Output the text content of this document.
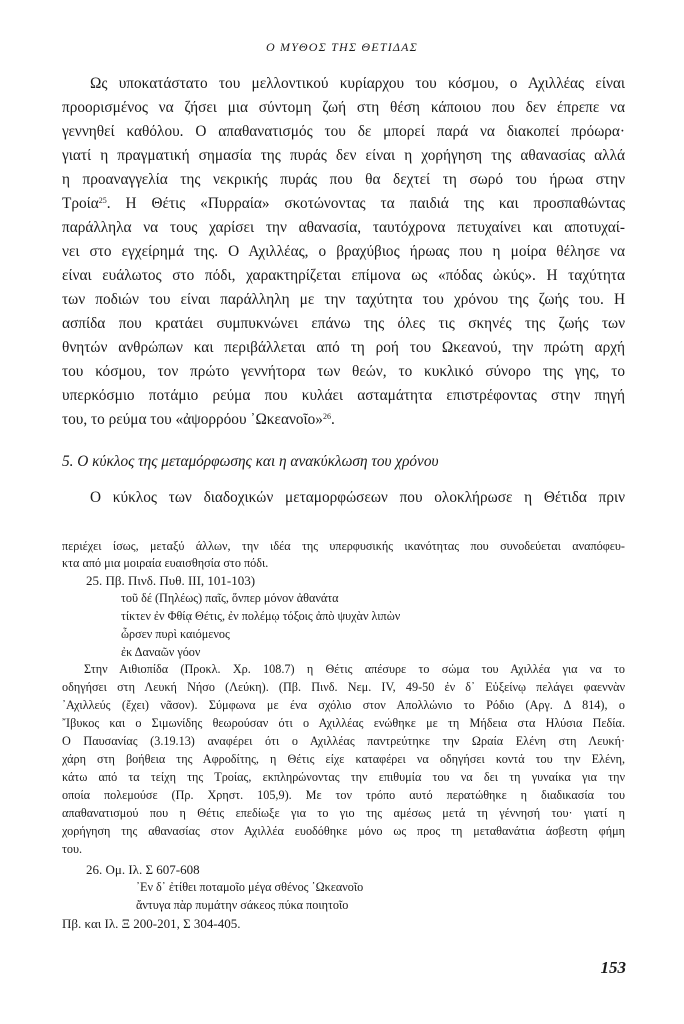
Ο ΜΥΘΟΣ ΤΗΣ ΘΕΤΙΔΑΣ
Ως υποκατάστατο του μελλοντικού κυρίαρχου του κόσμου, ο Αχιλλέας είναι
προορισμένος να ζήσει μια σύντομη ζωή στη θέση κάποιου που δεν έπρεπε να
γεννηθεί καθόλου. Ο απαθανατισμός του δε μπορεί παρά να διακοπεί πρόωρα·
γιατί η πραγματική σημασία της πυράς δεν είναι η χορήγηση της αθανασίας αλλά
η προαναγγελία της νεκρικής πυράς που θα δεχτεί τη σωρό του ήρωα στην
Τροία$^{25}$. Η Θέτις «Πυρραία» σκοτώνοντας τα παιδιά της και προσπαθώντας
παράλληλα να τους χαρίσει την αθανασία, ταυτόχρονα πετυχαίνει και αποτυχαί-
νει στο εγχείρημά της. Ο Αχιλλέας, ο βραχύβιος ήρωας που η μοίρα θέλησε να
είναι ευάλωτος στο πόδι, χαρακτηρίζεται επίμονα ως «πόδας ὠκύς». Η ταχύτητα
των ποδιών του είναι παράλληλη με την ταχύτητα του χρόνου της ζωής του. Η
ασπίδα που κρατάει συμπυκνώνει επάνω της όλες τις σκηνές της ζωής των
θνητών ανθρώπων και περιβάλλεται από τη ροή του Ωκεανού, την πρώτη αρχή
του κόσμου, τον πρώτο γεννήτορα των θεών, το κυκλικό σύνορο της γης, το
υπερκόσμιο ποτάμιο ρεύμα που κυλάει ασταμάτητα επιστρέφοντας στην πηγή
του, το ρεύμα του «ἀψορρόου ᾿Ωκεανοῖο»$^{26}$.
5. Ο κύκλος της μεταμόρφωσης και η ανακύκλωση του χρόνου
Ο κύκλος των διαδοχικών μεταμορφώσεων που ολοκλήρωσε η Θέτιδα πριν
περιέχει ίσως, μεταξύ άλλων, την ιδέα της υπερφυσικής ικανότητας που συνοδεύεται αναπόφευ-
κτα από μια μοιραία ευαισθησία στο πόδι.
25. Πβ. Πινδ. Πυθ. III, 101-103)
τοῦ δέ (Πηλέως) παῖς, ὅνπερ μόνον ἀθανάτα
τίκτεν ἐν Φθίᾳ Θέτις, ἐν πολέμῳ τόξοις ἀπὸ ψυχὰν λιπὼν
ὦρσεν πυρὶ καιόμενος
ἐκ Δαναῶν γόον
Στην Αιθιοπίδα (Προκλ. Χρ. 108.7) η Θέτις απέσυρε το σώμα του Αχιλλέα για να το
οδηγήσει στη Λευκή Νήσο (Λεύκη). (Πβ. Πινδ. Νεμ. IV, 49-50 ἐν δ᾿ Εὐξείνῳ πελάγει φαεννὰν
᾿Αχιλλεύς (ἔχει) νᾶσον). Σύμφωνα με ένα σχόλιο στον Απολλώνιο το Ρόδιο (Αργ. Δ 814), ο
῎Ιβυκος και ο Σιμωνίδης θεωρούσαν ότι ο Αχιλλέας ενώθηκε με τη Μήδεια στα Ηλύσια Πεδία.
Ο Παυσανίας (3.19.13) αναφέρει ότι ο Αχιλλέας παντρεύτηκε την Ωραία Ελένη στη Λευκή·
χάρη στη βοήθεια της Αφροδίτης, η Θέτις είχε καταφέρει να οδηγήσει κοντά του την Ελένη,
κάτω από τα τείχη της Τροίας, εκπληρώνοντας την επιθυμία του να δει τη γυναίκα για την
οποία πολεμούσε (Πρ. Χρηστ. 105,9). Με τον τρόπο αυτό περατώθηκε η διαδικασία του
απαθανατισμού που η Θέτις επεδίωξε για το γιο της αμέσως μετά τη γέννησή του· γιατί η
χορήγηση της αθανασίας στον Αχιλλέα ευοδόθηκε μόνο ως προς τη μεταθανάτια άσβεστη φήμη
του.
26. Ομ. Ιλ. Σ 607-608
᾿Εν δ᾿ ἐτίθει ποταμοῖο μέγα σθένος ᾿Ωκεανοῖο
ἄντυγα πὰρ πυμάτην σάκεος πύκα ποιητοῖο
Πβ. και Ιλ. Ξ 200-201, Σ 304-405.
153
